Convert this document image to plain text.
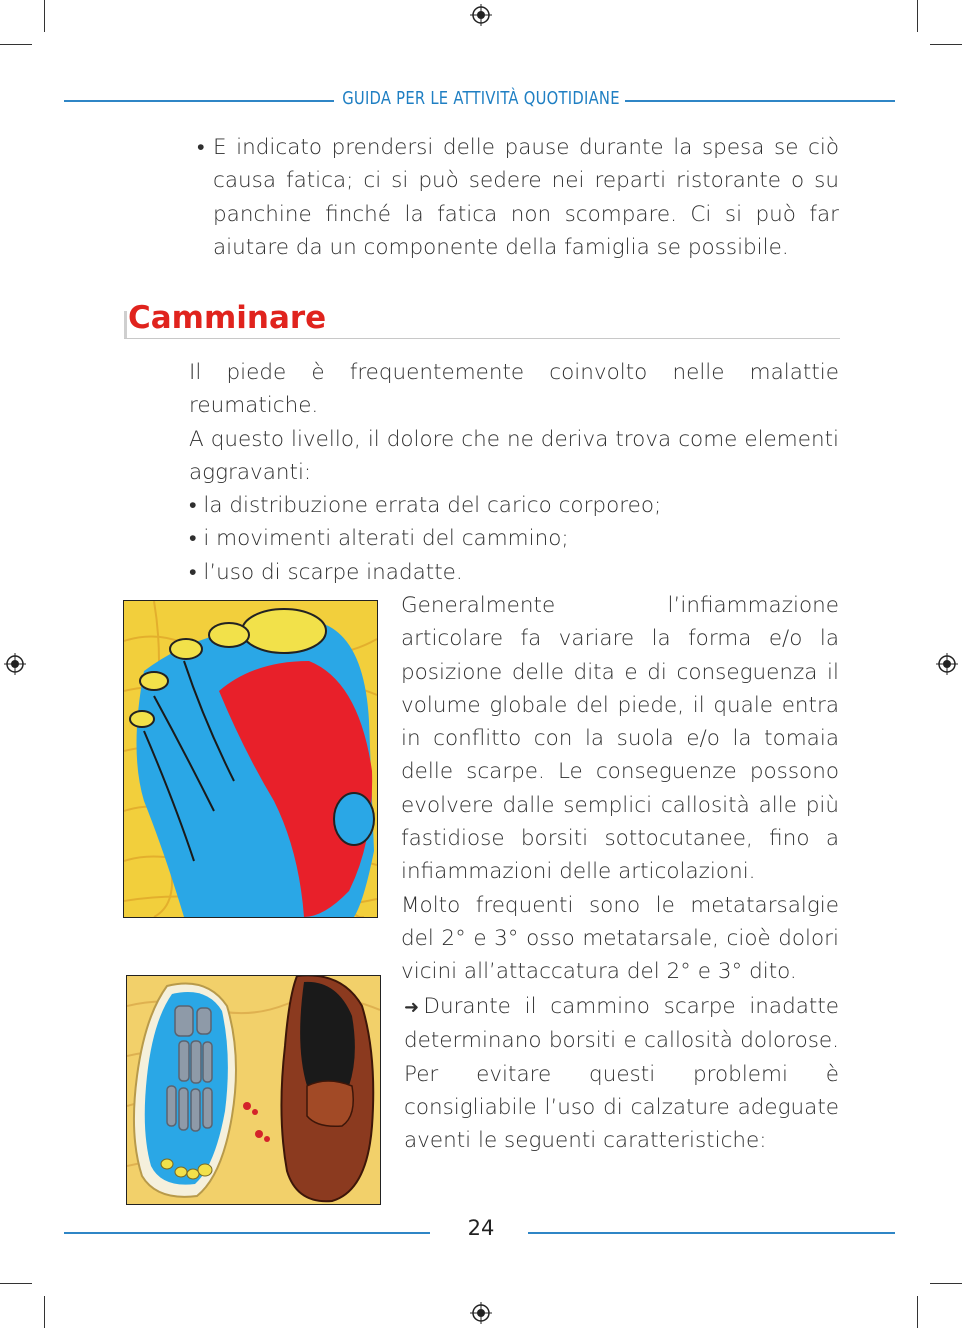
GUIDA PER LE ATTIVITÀ QUOTIDIANE
• E indicato prendersi delle pause durante la spesa se ciò causa fatica; ci si può sedere nei reparti ristorante o su panchine finché la fatica non scompare. Ci si può far aiutare da un componente della famiglia se possibile.
Camminare

Il piede è frequentemente coinvolto nelle malattie reumatiche.

A questo livello, il dolore che ne deriva trova come elementi aggravanti:

• la distribuzione errata del carico corporeo;
• i movimenti alterati del cammino;
• l’uso di scarpe inadatte.

Generalmente l’infiammazione articolare fa variare la forma e/o la posizione delle dita e di conseguenza il volume globale del piede, il quale entra in conflitto con la suola e/o la tomaia delle scarpe. Le conseguenze possono evolvere dalle semplici callosità alle più fastidiose borsiti sottocutanee, fino a infiammazioni delle articolazioni.

Molto frequenti sono le metatarsalgie del 2° e 3° osso metatarsale, cioè dolori vicini all’attaccatura del 2° e 3° dito.

➜  Durante il cammino scarpe inadatte determinano borsiti e callosità dolorose. Per evitare questi problemi è consigliabile l’uso di calzature adeguate aventi le seguenti caratteristiche:

24
